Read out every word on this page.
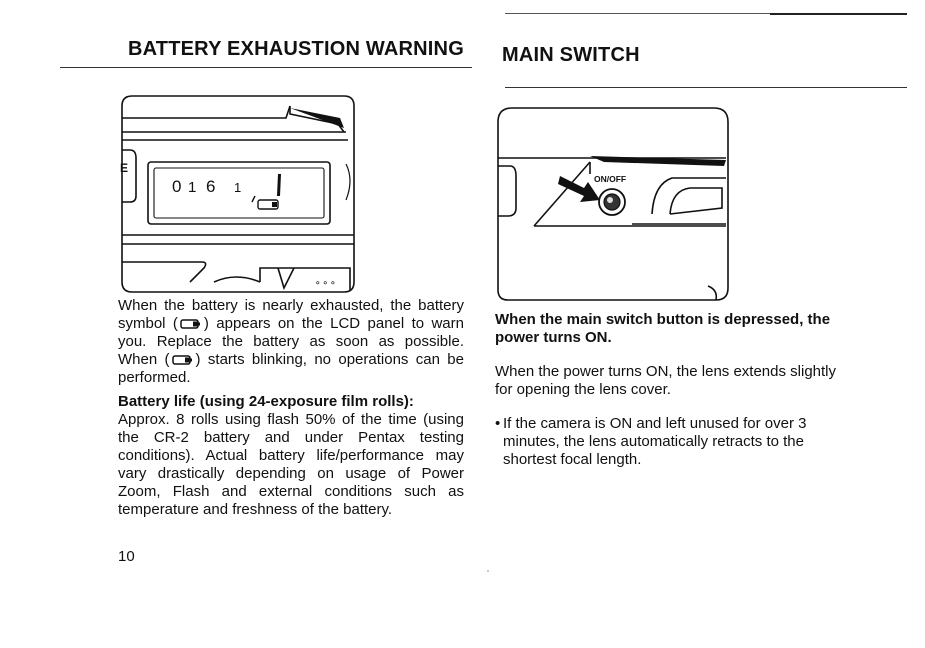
BATTERY EXHAUSTION WARNING MAIN SWITCH
E
0 1 6 1
⚬⚬⚬
ON/OFF

When the battery is nearly exhausted, the battery symbol ( ) appears on the LCD panel to warn you. Replace the battery as soon as possible. When ( ) starts blinking, no operations can be performed.

Battery life (using 24-exposure film rolls):

Approx. 8 rolls using flash 50% of the time (using the CR-2 battery and under Pentax testing conditions). Actual battery life/performance may vary drastically depending on usage of Power Zoom, Flash and external conditions such as temperature and freshness of the battery.

10

When the main switch button is depressed, the power turns ON.

When the power turns ON, the lens extends slightly for opening the lens cover.

• If the camera is ON and left unused for over 3 minutes, the lens automatically retracts to the shortest focal length.
